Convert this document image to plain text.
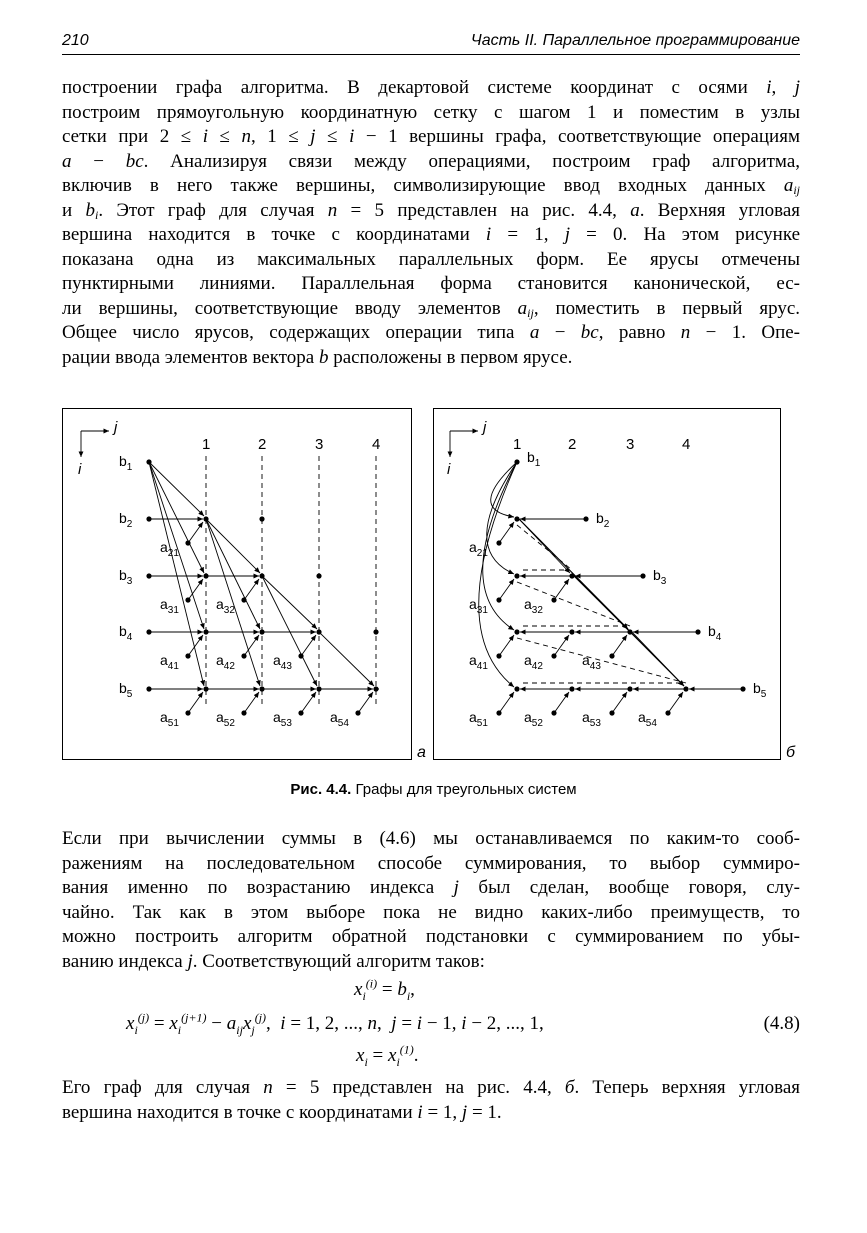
210	Часть II. Параллельное программирование
построении графа алгоритма. В декартовой системе координат с осями i, j
построим прямоугольную координатную сетку с шагом 1 и поместим в узлы
сетки при 2 ≤ i ≤ n, 1 ≤ j ≤ i − 1 вершины графа, соответствующие операциям
a − bc. Анализируя связи между операциями, построим граф алгоритма,
включив в него также вершины, символизирующие ввод входных данных $a_{ij}$
и $b_i$. Этот граф для случая n = 5 представлен на рис. 4.4, а. Верхняя угловая
вершина находится в точке с координатами i = 1, j = 0. На этом рисунке
показана одна из максимальных параллельных форм. Ее ярусы отмечены
пунктирными линиями. Параллельная форма становится канонической, ес-
ли вершины, соответствующие вводу элементов $a_{ij}$, поместить в первый ярус.
Общее число ярусов, содержащих операции типа a − bc, равно n − 1. Опе-
рации ввода элементов вектора b расположены в первом ярусе.
j
i
1	2	3	4
$b_1$
$b_2$
$b_3$
$b_4$
$b_5$
$a_{21}$
$a_{31}$	$a_{32}$
$a_{41}$	$a_{42}$	$a_{43}$
$a_{51}$	$a_{52}$	$a_{53}$	$a_{54}$
j
i
1	2	3	4
$b_1$
$b_2$
$a_{21}$
$b_3$
$a_{31}$	$a_{32}$
$b_4$
$a_{41}$	$a_{42}$	$a_{43}$
$b_5$
$a_{51}$	$a_{52}$	$a_{53}$	$a_{54}$
а	б
Рис. 4.4. Графы для треугольных систем
Если при вычислении суммы в (4.6) мы останавливаемся по каким-то сооб-
ражениям на последовательном способе суммирования, то выбор суммиро-
вания именно по возрастанию индекса j был сделан, вообще говоря, слу-
чайно. Так как в этом выборе пока не видно каких-либо преимуществ, то
можно построить алгоритм обратной подстановки с суммированием по убы-
ванию индекса j. Соответствующий алгоритм таков:
$x_i^{(i)} = b_i$,
$x_i^{(j)} = x_i^{(j+1)} - a_{ij}x_j^{(j)}$,  i = 1, 2, ..., n,  j = i − 1, i − 2, ..., 1,
$x_i = x_i^{(1)}$.
(4.8)
Его граф для случая n = 5 представлен на рис. 4.4, б. Теперь верхняя угловая
вершина находится в точке с координатами i = 1, j = 1.
